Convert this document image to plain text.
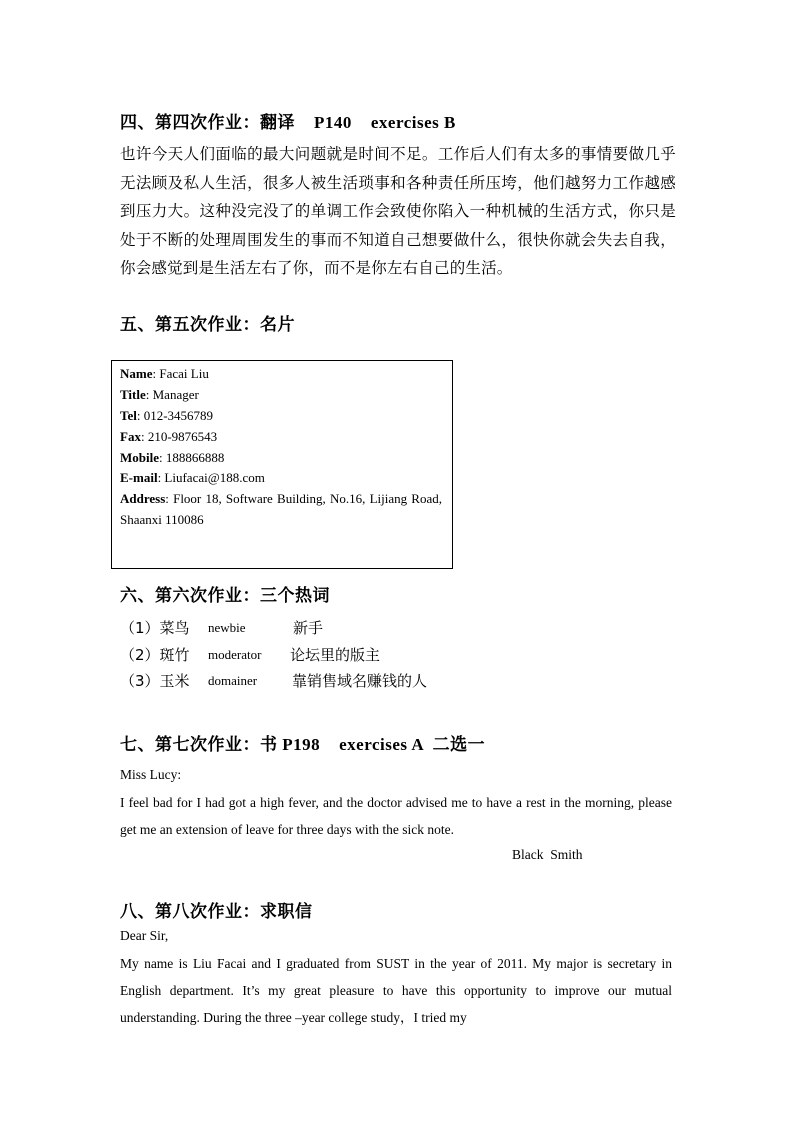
四、第四次作业：翻译    P140    exercises B
也许今天人们面临的最大问题就是时间不足。工作后人们有太多的事情要做几乎无法顾及私人生活，很多人被生活琐事和各种责任所压垮，他们越努力工作越感到压力大。这种没完没了的单调工作会致使你陷入一种机械的生活方式，你只是处于不断的处理周围发生的事而不知道自己想要做什么，很快你就会失去自我，你会感觉到是生活左右了你，而不是你左右自己的生活。
五、第五次作业：名片
Name: Facai Liu
Title: Manager
Tel: 012-3456789
Fax: 210-9876543
Mobile: 188866888
E-mail: Liufacai@188.com
Address: Floor 18, Software Building, No.16, Lijiang Road, Shaanxi 110086
六、第六次作业：三个热词

（1）菜鸟

newbie

	新手

（2）斑竹

moderator

论坛里的版主

（3）玉米

domainer

靠销售域名赚钱的人

七、第七次作业：书 P198    exercises A  二选一
Miss Lucy:
I feel bad for I had got a high fever, and the doctor advised me to have a rest in the morning, please get me an extension of leave for three days with the sick note.
Black  Smith
八、第八次作业：求职信
Dear Sir,
My name is Liu Facai and I graduated from SUST in the year of 2011. My major is secretary in English department. It’s my great pleasure to have this opportunity to improve our mutual understanding. During the three –year college study，I tried my
